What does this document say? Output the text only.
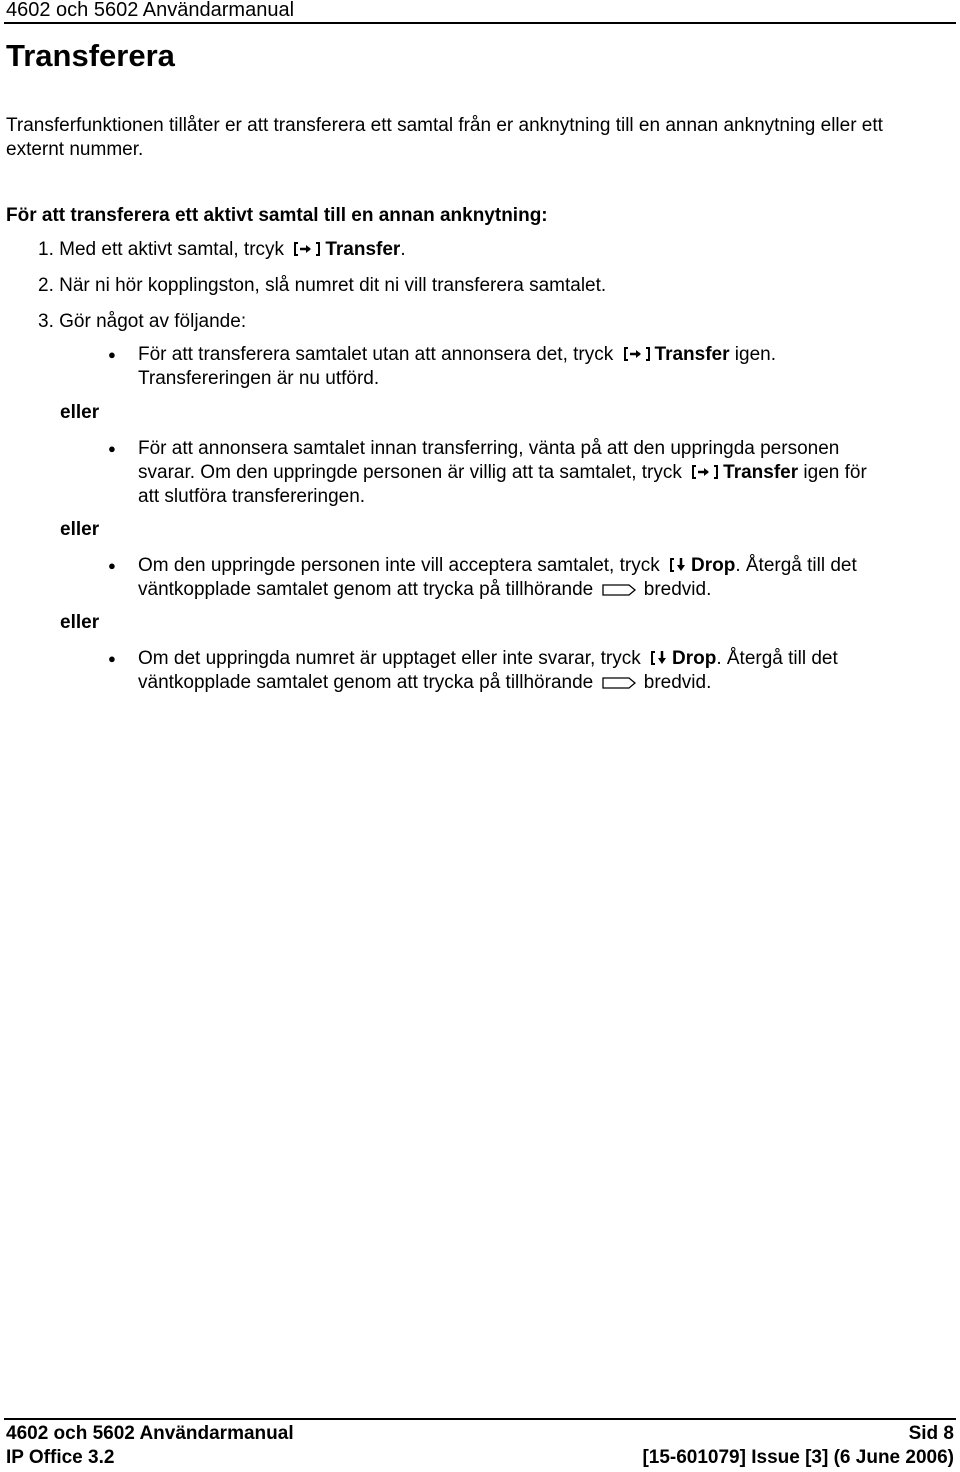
4602 och 5602 Användarmanual
Transferera
Transferfunktionen tillåter er att transferera ett samtal från er anknytning till en annan anknytning eller ett
externt nummer.
För att transferera ett aktivt samtal till en annan anknytning:
1. Med ett aktivt samtal, trcyk Transfer.
2. När ni hör kopplingston, slå numret dit ni vill transferera samtalet.
3. Gör något av följande:
● För att transferera samtalet utan att annonsera det, tryck Transfer igen.
Transfereringen är nu utförd.
eller
● För att annonsera samtalet innan transferring, vänta på att den uppringda personen
svarar. Om den uppringde personen är villig att ta samtalet, tryck Transfer igen för
att slutföra transfereringen.
eller
● Om den uppringde personen inte vill acceptera samtalet, tryck Drop. Återgå till det
väntkopplade samtalet genom att trycka på tillhörande	bredvid.
eller
● Om det uppringda numret är upptaget eller inte svarar, tryck Drop. Återgå till det
väntkopplade samtalet genom att trycka på tillhörande	bredvid.
4602 och 5602 Användarmanual	Sid 8
IP Office 3.2	[15-601079] Issue [3] (6 June 2006)
